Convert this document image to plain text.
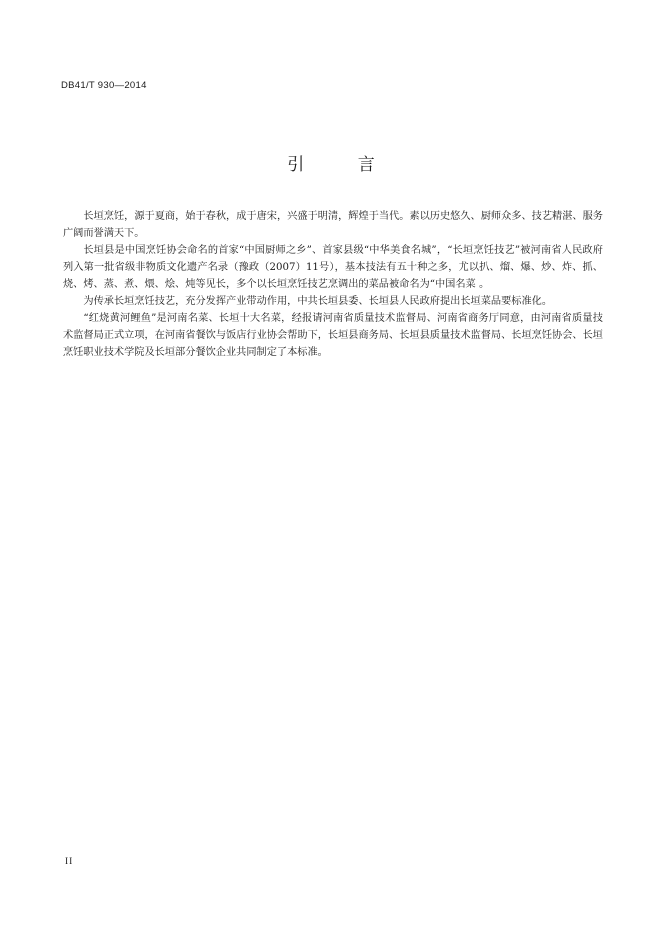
DB41/T 930—2014
引 言

长垣烹饪，源于夏商，始于春秋，成于唐宋，兴盛于明清，辉煌于当代。素以历史悠久、厨师众多、技艺精湛、服务广阔而誉满天下。

长垣县是中国烹饪协会命名的首家“中国厨师之乡”、首家县级“中华美食名城”，“长垣烹饪技艺”被河南省人民政府列入第一批省级非物质文化遗产名录（豫政（2007）11号），基本技法有五十种之多，尤以扒、熘、爆、炒、炸、抓、烧、烤、蒸、煮、煨、烩、炖等见长，多个以长垣烹饪技艺烹调出的菜品被命名为“中国名菜 。

为传承长垣烹饪技艺，充分发挥产业带动作用，中共长垣县委、长垣县人民政府提出长垣菜品要标准化。

“红烧黄河鲤鱼”是河南名菜、长垣十大名菜，经报请河南省质量技术监督局、河南省商务厅同意，由河南省质量技术监督局正式立项，在河南省餐饮与饭店行业协会帮助下，长垣县商务局、长垣县质量技术监督局、长垣烹饪协会、长垣烹饪职业技术学院及长垣部分餐饮企业共同制定了本标准。

II
